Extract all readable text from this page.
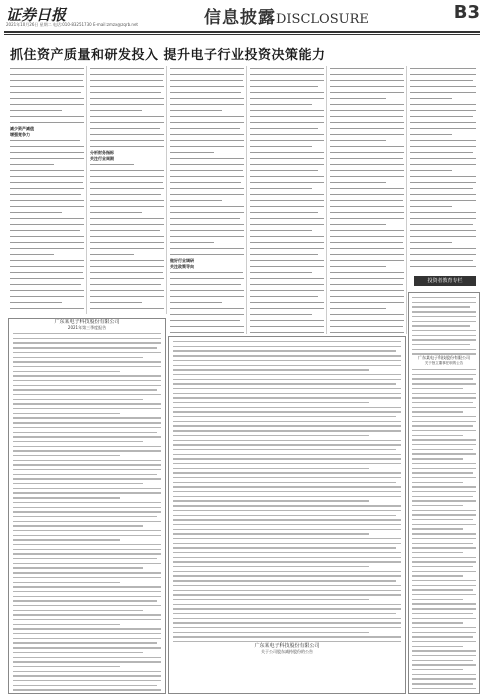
证券日报
2021年10月26日 星期二 电话:010-83251730 E-mail:zmzx@zqrb.net	信息披露DISCLOSURE	B3
抓住资产质量和研发投入 提升电子行业投资决策能力
减少资产减值
增强竞争力
分析财务指标
关注行业周期
做好行业调研
关注政策导向
投资者教育专栏
广东某电子科技股份有限公司
2021年第三季度报告
广东某电子科技股份有限公司
关于公司股东减持股份的公告
广东某电子科技股份有限公司
关于独立董事任职的公告
